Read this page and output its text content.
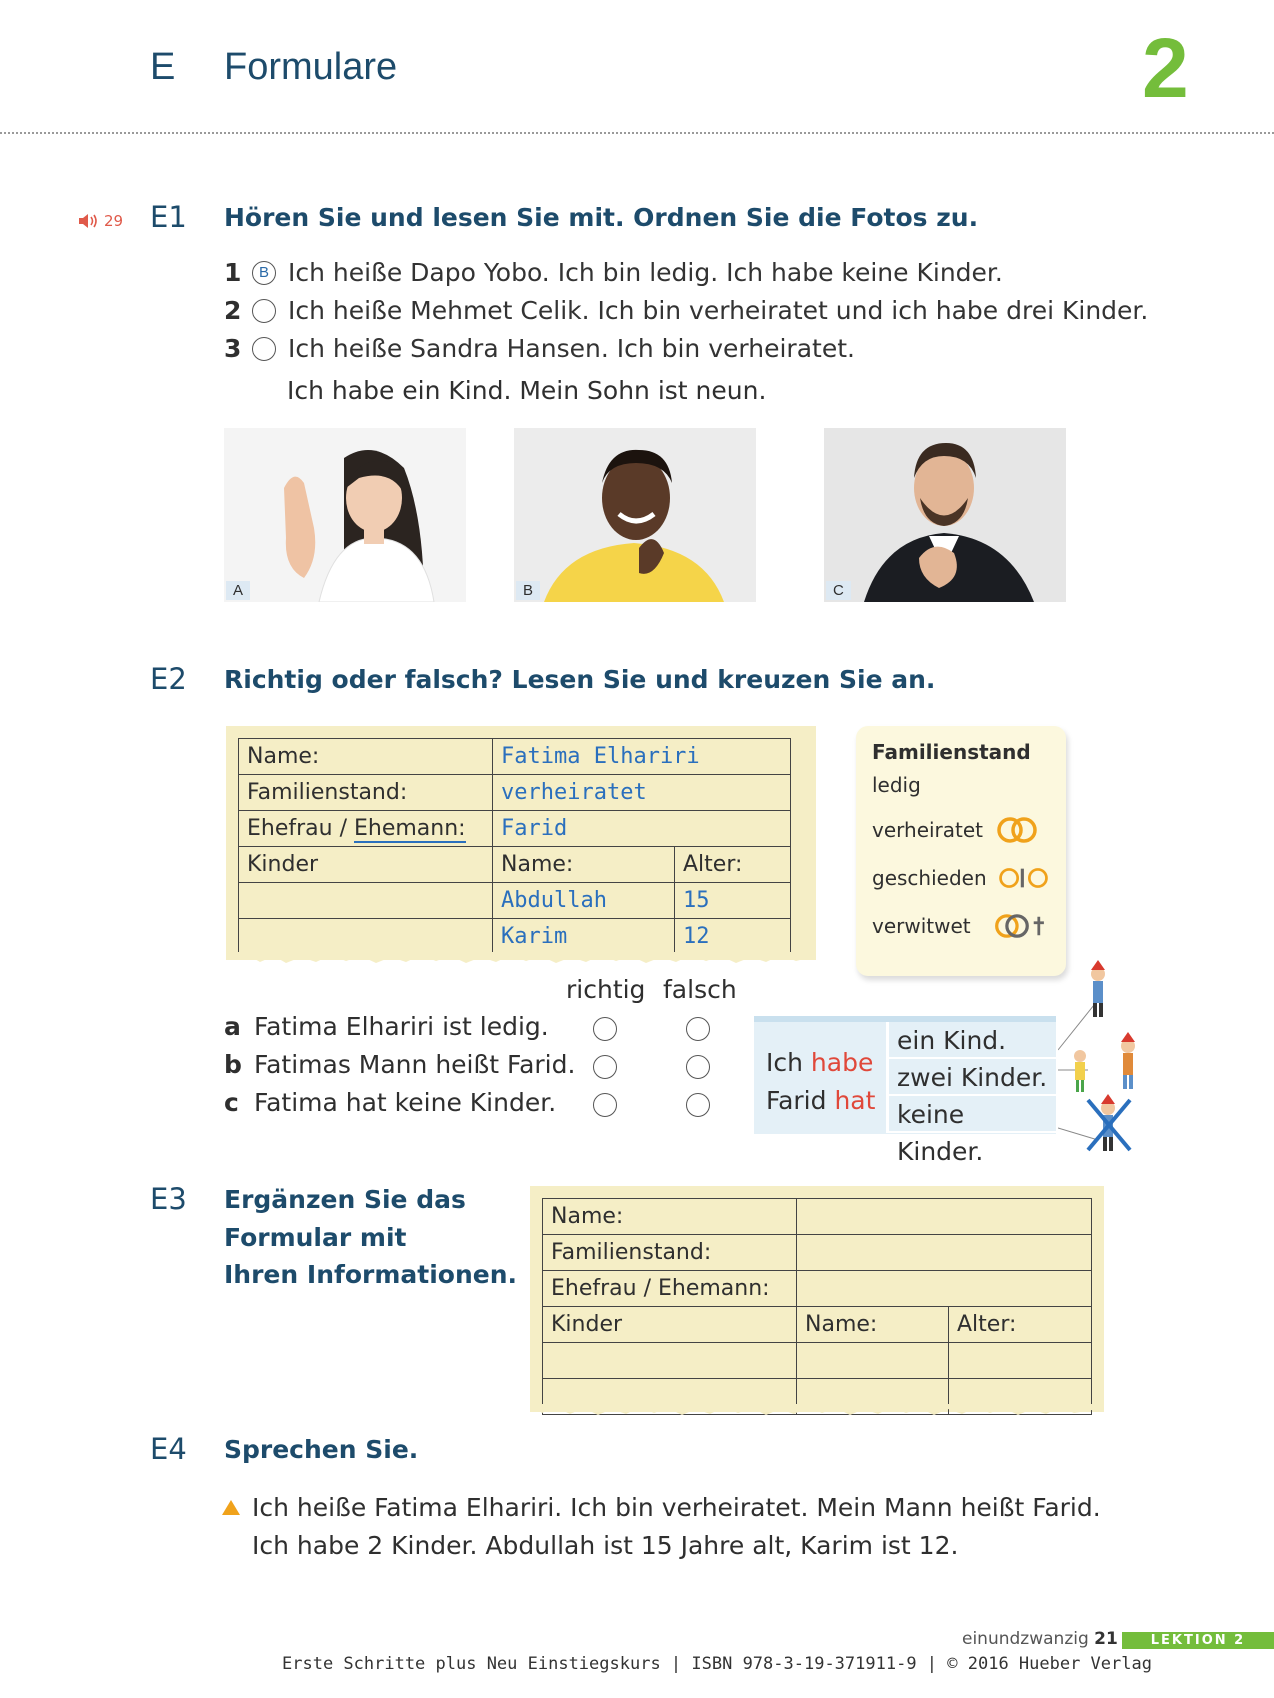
E Formulare	2
29 E1 Hören Sie und lesen Sie mit. Ordnen Sie die Fotos zu.
1	B Ich heiße Dapo Yobo. Ich bin ledig. Ich habe keine Kinder.
2	Ich heiße Mehmet Celik. Ich bin verheiratet und ich habe drei Kinder.
3	Ich heiße Sandra Hansen. Ich bin verheiratet.
Ich habe ein Kind. Mein Sohn ist neun.
A	B	C
E2 Richtig oder falsch? Lesen Sie und kreuzen Sie an.
Name:	Fatima Elhariri	
Familienstand:	verheiratet	
Ehefrau / Ehemann:	Farid	
Kinder	Name:	Alter:
	Abdullah	15
	Karim	12
Familienstand
ledig
verheiratet
geschieden
verwitwet
richtig falsch
a Fatima Elhariri ist ledig.
b Fatimas Mann heißt Farid.
c Fatima hat keine Kinder.
Ich habe
Farid hat
ein Kind.
zwei Kinder.
keine Kinder.
E3 Ergänzen Sie das
Formular mit
Ihren Informationen.
Name:		
Familienstand:		
Ehefrau / Ehemann:		
Kinder	Name:	Alter:

E4 Sprechen Sie.
Ich heiße Fatima Elhariri. Ich bin verheiratet. Mein Mann heißt Farid.
Ich habe 2 Kinder. Abdullah ist 15 Jahre alt, Karim ist 12.
einundzwanzig 21	LEKTION 2
Erste Schritte plus Neu Einstiegskurs | ISBN 978-3-19-371911-9 | © 2016 Hueber Verlag
